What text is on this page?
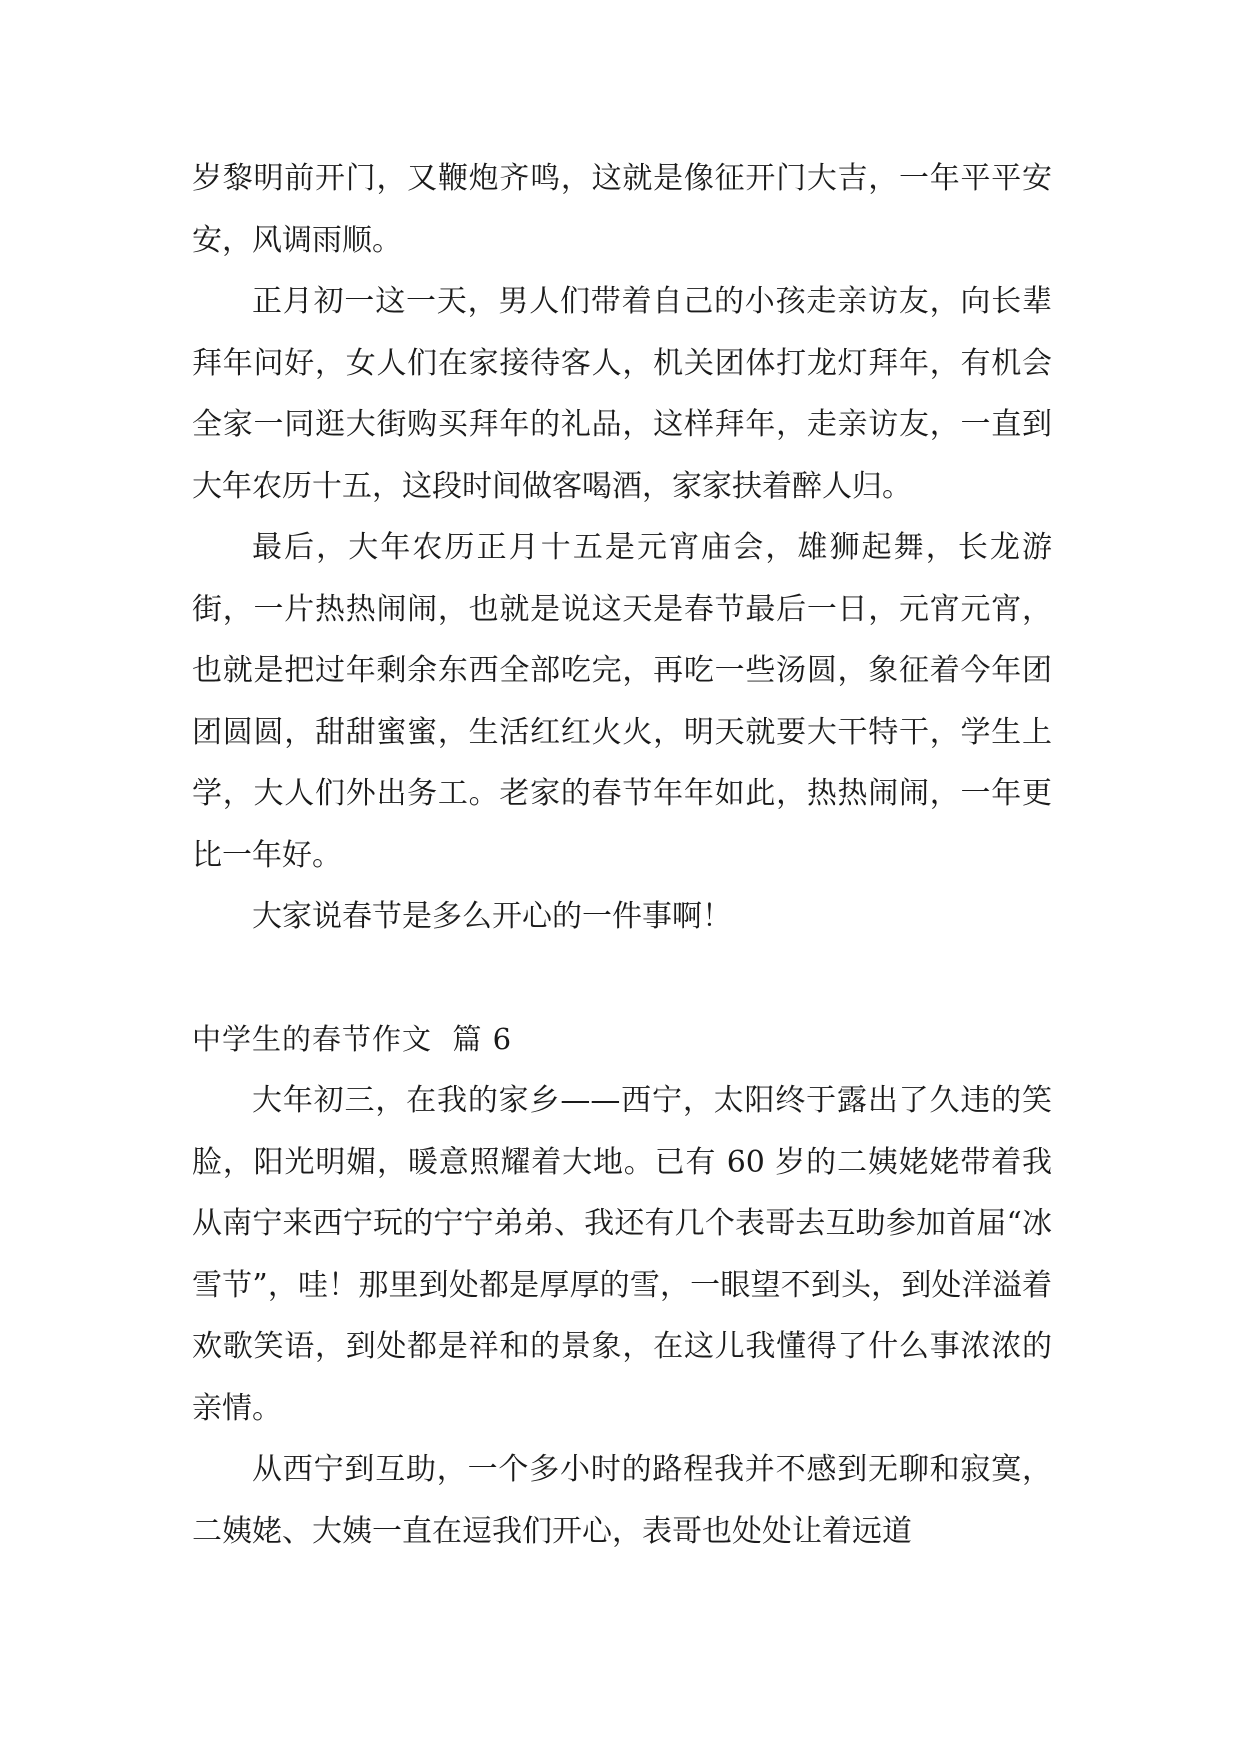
岁黎明前开门，又鞭炮齐鸣，这就是像征开门大吉，一年平平安安，风调雨顺。

正月初一这一天，男人们带着自己的小孩走亲访友，向长辈拜年问好，女人们在家接待客人，机关团体打龙灯拜年，有机会全家一同逛大街购买拜年的礼品，这样拜年，走亲访友，一直到大年农历十五，这段时间做客喝酒，家家扶着醉人归。

最后，大年农历正月十五是元宵庙会，雄狮起舞，长龙游街，一片热热闹闹，也就是说这天是春节最后一日，元宵元宵，也就是把过年剩余东西全部吃完，再吃一些汤圆，象征着今年团团圆圆，甜甜蜜蜜，生活红红火火，明天就要大干特干，学生上学，大人们外出务工。老家的春节年年如此，热热闹闹，一年更比一年好。

大家说春节是多么开心的一件事啊！

中学生的春节作文  篇 6

大年初三，在我的家乡——西宁，太阳终于露出了久违的笑脸，阳光明媚，暖意照耀着大地。已有 60 岁的二姨姥姥带着我从南宁来西宁玩的宁宁弟弟、我还有几个表哥去互助参加首届“冰雪节”，哇！那里到处都是厚厚的雪，一眼望不到头，到处洋溢着欢歌笑语，到处都是祥和的景象，在这儿我懂得了什么事浓浓的亲情。

从西宁到互助，一个多小时的路程我并不感到无聊和寂寞，二姨姥、大姨一直在逗我们开心，表哥也处处让着远道
